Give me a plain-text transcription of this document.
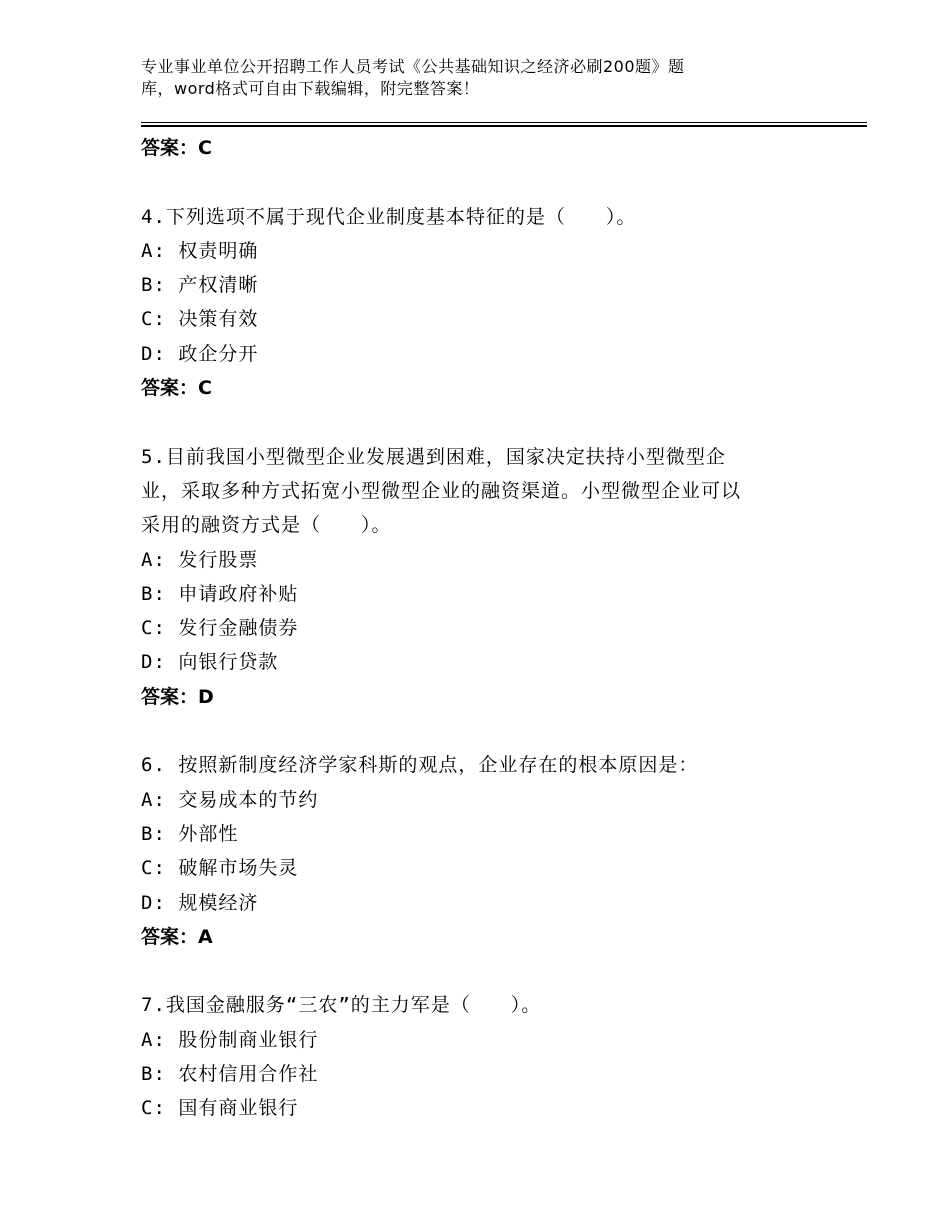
专业事业单位公开招聘工作人员考试《公共基础知识之经济必刷200题》题
库，word格式可自由下载编辑，附完整答案！
答案：C
4.下列选项不属于现代企业制度基本特征的是（　　）。
A: 权责明确
B: 产权清晰
C: 决策有效
D: 政企分开
答案：C
5.目前我国小型微型企业发展遇到困难，国家决定扶持小型微型企
业，采取多种方式拓宽小型微型企业的融资渠道。小型微型企业可以
采用的融资方式是（　　）。
A: 发行股票
B: 申请政府补贴
C: 发行金融债券
D: 向银行贷款
答案：D
6. 按照新制度经济学家科斯的观点，企业存在的根本原因是：
A: 交易成本的节约
B: 外部性
C: 破解市场失灵
D: 规模经济
答案：A
7.我国金融服务“三农”的主力军是（　　）。
A: 股份制商业银行
B: 农村信用合作社
C: 国有商业银行
